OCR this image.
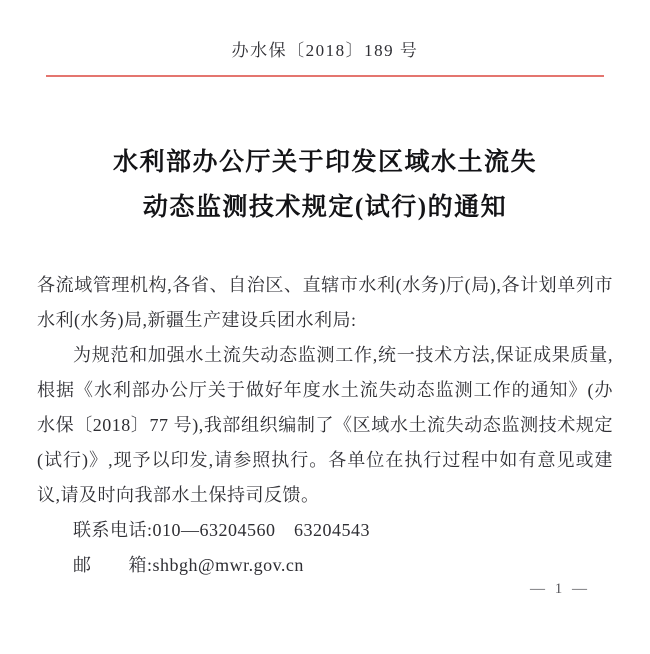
办水保〔2018〕189 号
水利部办公厅关于印发区域水土流失
动态监测技术规定(试行)的通知

各流域管理机构,各省、自治区、直辖市水利(水务)厅(局),各计划单列市水利(水务)局,新疆生产建设兵团水利局:

为规范和加强水土流失动态监测工作,统一技术方法,保证成果质量,根据《水利部办公厅关于做好年度水土流失动态监测工作的通知》(办水保〔2018〕77 号),我部组织编制了《区域水土流失动态监测技术规定(试行)》,现予以印发,请参照执行。各单位在执行过程中如有意见或建议,请及时向我部水土保持司反馈。

联系电话:010—63204560　63204543

邮　　箱:shbgh@mwr.gov.cn

— 1 —
